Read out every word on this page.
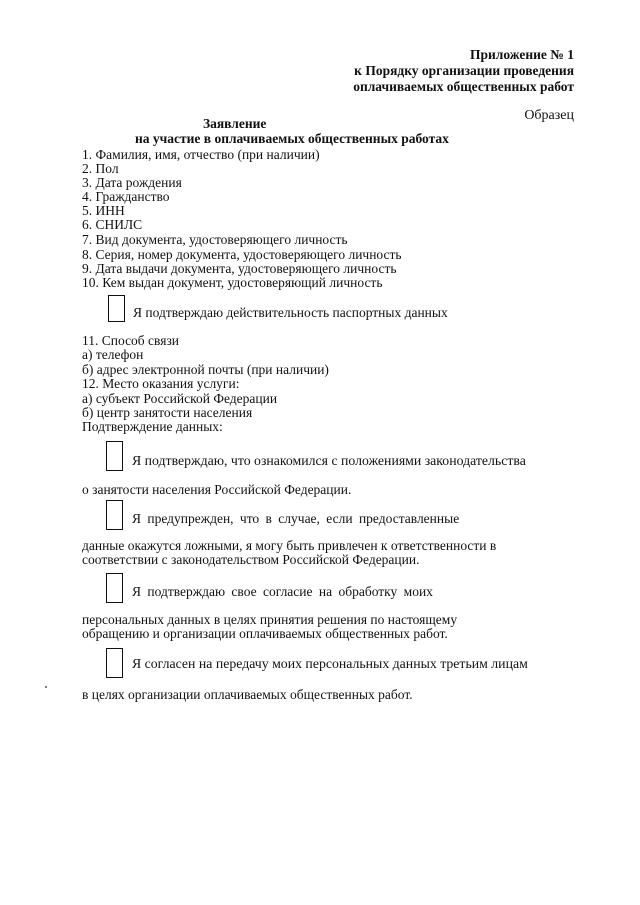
Приложение № 1
к Порядку организации проведения
оплачиваемых общественных работ
Образец
Заявление
на участие в оплачиваемых общественных работах
1. Фамилия, имя, отчество (при наличии)
2. Пол
3. Дата рождения
4. Гражданство
5. ИНН
6. СНИЛС
7. Вид документа, удостоверяющего личность
8. Серия, номер документа, удостоверяющего личность
9. Дата выдачи документа, удостоверяющего личность
10. Кем выдан документ, удостоверяющий личность
Я подтверждаю действительность паспортных данных
11. Способ связи
а) телефон
б) адрес электронной почты (при наличии)
12. Место оказания услуги:
а) субъект Российской Федерации
б) центр занятости населения
Подтверждение данных:
Я подтверждаю, что ознакомился с положениями законодательства
о занятости населения Российской Федерации.
Я предупрежден, что в случае, если предоставленные
данные окажутся ложными, я могу быть привлечен к ответственности в
соответствии с законодательством Российской Федерации.
Я подтверждаю свое согласие на обработку моих
персональных данных в целях принятия решения по настоящему
обращению и организации оплачиваемых общественных работ.
Я согласен на передачу моих персональных данных третьим лицам
в целях организации оплачиваемых общественных работ.
